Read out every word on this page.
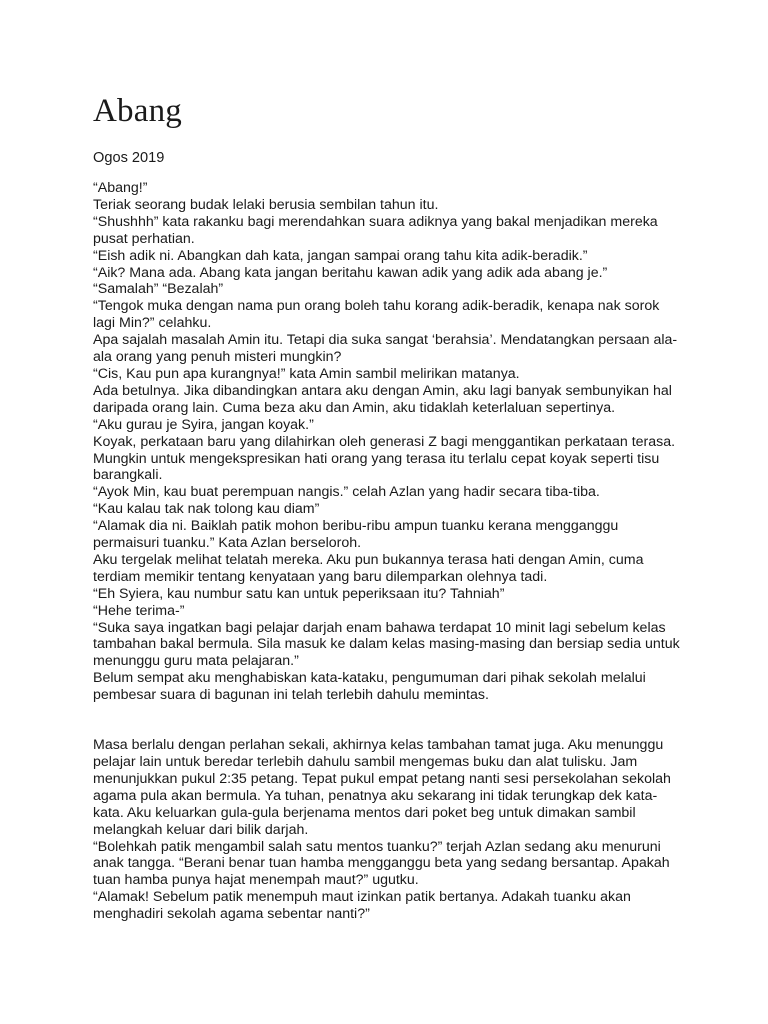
Abang
Ogos 2019

“Abang!”

Teriak seorang budak lelaki berusia sembilan tahun itu.

“Shushhh” kata rakanku bagi merendahkan suara adiknya yang bakal menjadikan mereka pusat perhatian.

“Eish adik ni. Abangkan dah kata, jangan sampai orang tahu kita adik-beradik.”

“Aik? Mana ada. Abang kata jangan beritahu kawan adik yang adik ada abang je.”

“Samalah” “Bezalah”

“Tengok muka dengan nama pun orang boleh tahu korang adik-beradik, kenapa nak sorok lagi Min?” celahku.

Apa sajalah masalah Amin itu. Tetapi dia suka sangat ‘berahsia’. Mendatangkan persaan ala-ala orang yang penuh misteri mungkin?

“Cis, Kau pun apa kurangnya!” kata Amin sambil melirikan matanya.

Ada betulnya. Jika dibandingkan antara aku dengan Amin, aku lagi banyak sembunyikan hal daripada orang lain. Cuma beza aku dan Amin, aku tidaklah keterlaluan sepertinya.

“Aku gurau je Syira, jangan koyak.”

Koyak, perkataan baru yang dilahirkan oleh generasi Z bagi menggantikan perkataan terasa. Mungkin untuk mengekspresikan hati orang yang terasa itu terlalu cepat koyak seperti tisu barangkali.

“Ayok Min, kau buat perempuan nangis.” celah Azlan yang hadir secara tiba-tiba.

“Kau kalau tak nak tolong kau diam”

“Alamak dia ni. Baiklah patik mohon beribu-ribu ampun tuanku kerana mengganggu permaisuri tuanku.” Kata Azlan berseloroh.

Aku tergelak melihat telatah mereka. Aku pun bukannya terasa hati dengan Amin, cuma terdiam memikir tentang kenyataan yang baru dilemparkan olehnya tadi.

“Eh Syiera, kau numbur satu kan untuk peperiksaan itu? Tahniah”

“Hehe terima-”

“Suka saya ingatkan bagi pelajar darjah enam bahawa terdapat 10 minit lagi sebelum kelas tambahan bakal bermula. Sila masuk ke dalam kelas masing-masing dan bersiap sedia untuk menunggu guru mata pelajaran.”

Belum sempat aku menghabiskan kata-kataku, pengumuman dari pihak sekolah melalui pembesar suara di bagunan ini telah terlebih dahulu memintas.

Masa berlalu dengan perlahan sekali, akhirnya kelas tambahan tamat juga. Aku menunggu pelajar lain untuk beredar terlebih dahulu sambil mengemas buku dan alat tulisku. Jam menunjukkan pukul 2:35 petang. Tepat pukul empat petang nanti sesi persekolahan sekolah agama pula akan bermula. Ya tuhan, penatnya aku sekarang ini tidak terungkap dek kata-kata. Aku keluarkan gula-gula berjenama mentos dari poket beg untuk dimakan sambil melangkah keluar dari bilik darjah.

“Bolehkah patik mengambil salah satu mentos tuanku?” terjah Azlan sedang aku menuruni anak tangga. “Berani benar tuan hamba mengganggu beta yang sedang bersantap. Apakah tuan hamba punya hajat menempah maut?” ugutku.

“Alamak! Sebelum patik menempuh maut izinkan patik bertanya. Adakah tuanku akan menghadiri sekolah agama sebentar nanti?”
